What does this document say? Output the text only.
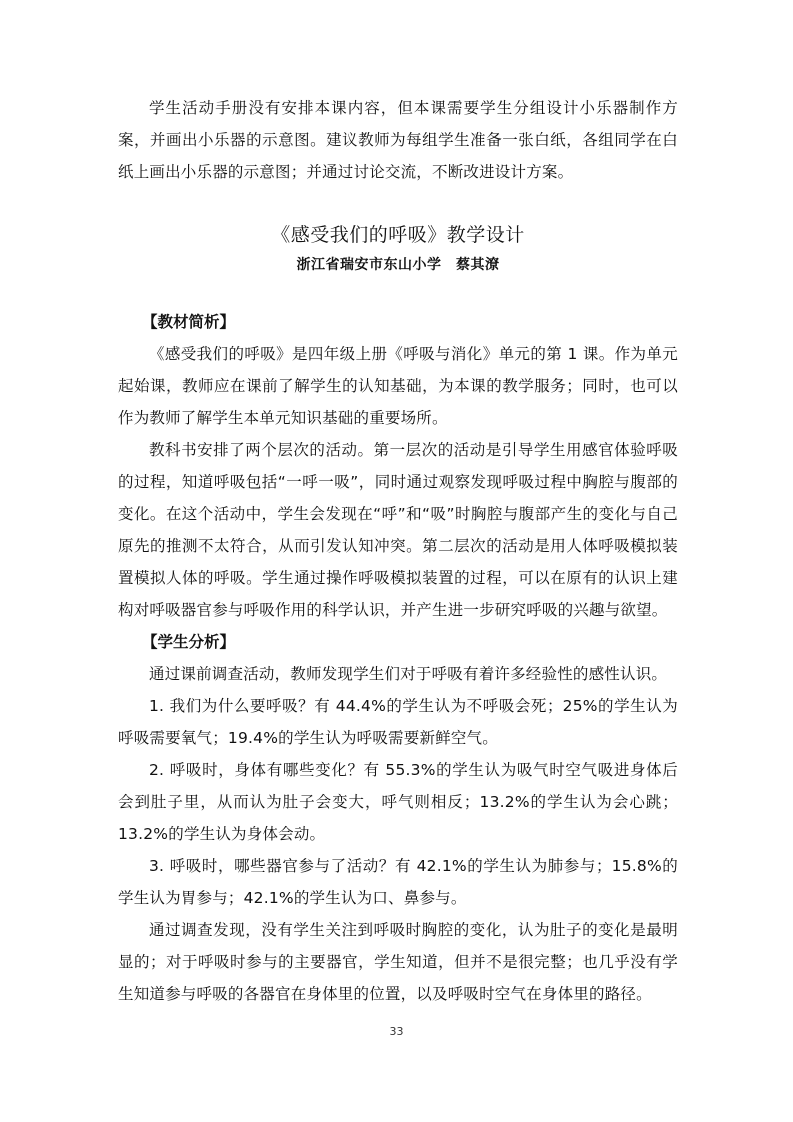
学生活动手册没有安排本课内容，但本课需要学生分组设计小乐器制作方案，并画出小乐器的示意图。建议教师为每组学生准备一张白纸，各组同学在白纸上画出小乐器的示意图；并通过讨论交流，不断改进设计方案。

《感受我们的呼吸》教学设计

浙江省瑞安市东山小学　蔡其潦

【教材简析】

《感受我们的呼吸》是四年级上册《呼吸与消化》单元的第 1 课。作为单元起始课，教师应在课前了解学生的认知基础，为本课的教学服务；同时，也可以作为教师了解学生本单元知识基础的重要场所。

教科书安排了两个层次的活动。第一层次的活动是引导学生用感官体验呼吸的过程，知道呼吸包括“一呼一吸”，同时通过观察发现呼吸过程中胸腔与腹部的变化。在这个活动中，学生会发现在“呼”和“吸”时胸腔与腹部产生的变化与自己原先的推测不太符合，从而引发认知冲突。第二层次的活动是用人体呼吸模拟装置模拟人体的呼吸。学生通过操作呼吸模拟装置的过程，可以在原有的认识上建构对呼吸器官参与呼吸作用的科学认识，并产生进一步研究呼吸的兴趣与欲望。

【学生分析】

通过课前调查活动，教师发现学生们对于呼吸有着许多经验性的感性认识。

1. 我们为什么要呼吸？有 44.4%的学生认为不呼吸会死；25%的学生认为呼吸需要氧气；19.4%的学生认为呼吸需要新鲜空气。

2. 呼吸时，身体有哪些变化？有 55.3%的学生认为吸气时空气吸进身体后会到肚子里，从而认为肚子会变大，呼气则相反；13.2%的学生认为会心跳；13.2%的学生认为身体会动。

3. 呼吸时，哪些器官参与了活动？有 42.1%的学生认为肺参与；15.8%的学生认为胃参与；42.1%的学生认为口、鼻参与。

通过调查发现，没有学生关注到呼吸时胸腔的变化，认为肚子的变化是最明显的；对于呼吸时参与的主要器官，学生知道，但并不是很完整；也几乎没有学生知道参与呼吸的各器官在身体里的位置，以及呼吸时空气在身体里的路径。

33
